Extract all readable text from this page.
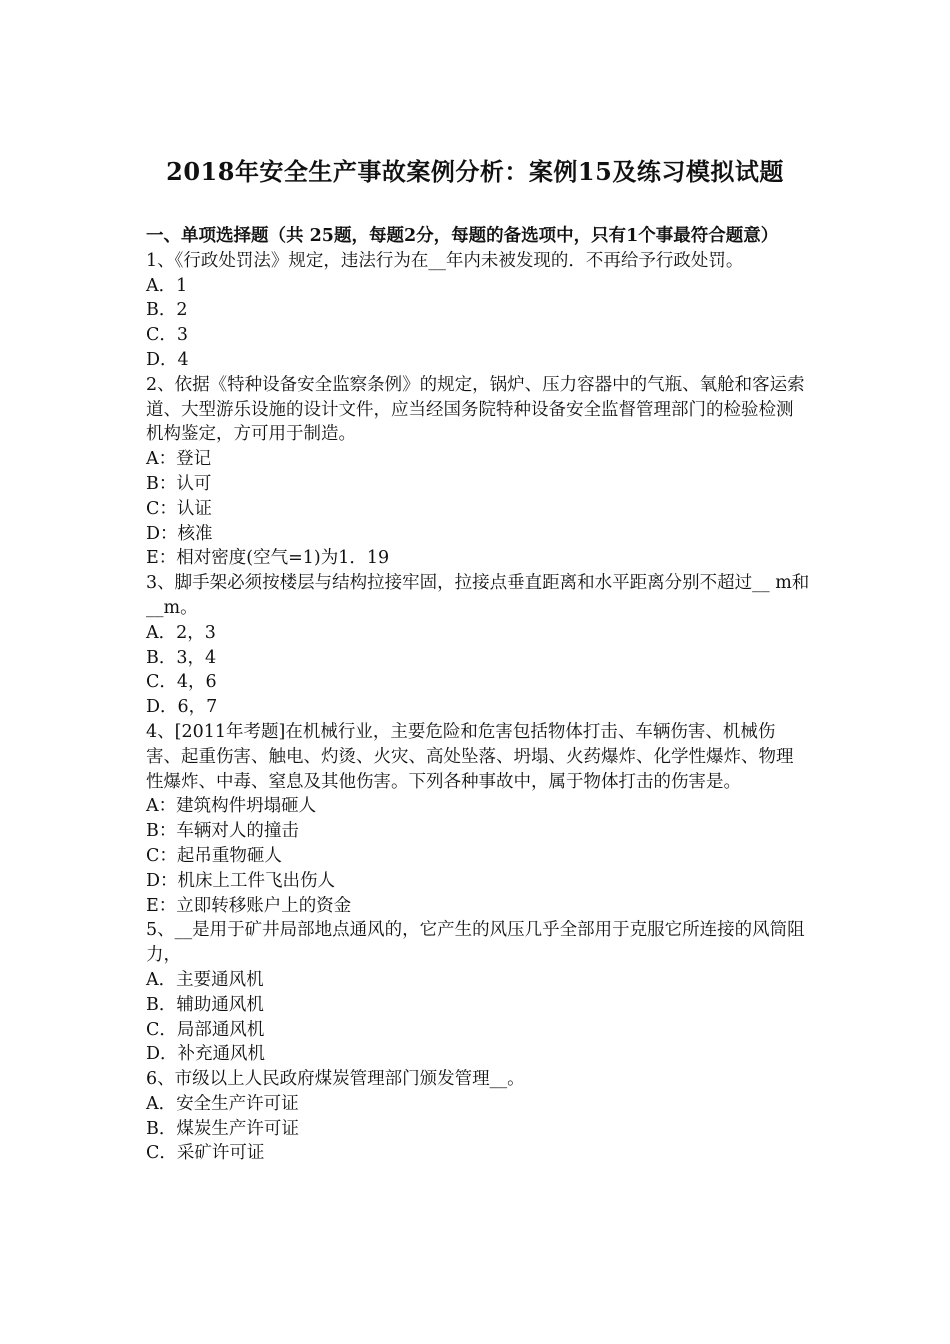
2018年安全生产事故案例分析：案例15及练习模拟试题

一、单项选择题（共 25题，每题2分，每题的备选项中，只有1个事最符合题意）

1、《行政处罚法》规定，违法行为在__年内未被发现的．不再给予行政处罚。

A．1

B．2

C．3

D．4

2、依据《特种设备安全监察条例》的规定，锅炉、压力容器中的气瓶、氧舱和客运索道、大型游乐设施的设计文件，应当经国务院特种设备安全监督管理部门的检验检测机构鉴定，方可用于制造。

A：登记

B：认可

C：认证

D：核准

E：相对密度(空气=1)为1．19

3、脚手架必须按楼层与结构拉接牢固，拉接点垂直距离和水平距离分别不超过__ m和__m。

A．2，3

B．3，4

C．4，6

D．6，7

4、[2011年考题]在机械行业，主要危险和危害包括物体打击、车辆伤害、机械伤害、起重伤害、触电、灼烫、火灾、高处坠落、坍塌、火药爆炸、化学性爆炸、物理性爆炸、中毒、窒息及其他伤害。下列各种事故中，属于物体打击的伤害是。

A：建筑构件坍塌砸人

B：车辆对人的撞击

C：起吊重物砸人

D：机床上工件飞出伤人

E：立即转移账户上的资金

5、__是用于矿井局部地点通风的，它产生的风压几乎全部用于克服它所连接的风筒阻力，

A．主要通风机

B．辅助通风机

C．局部通风机

D．补充通风机

6、市级以上人民政府煤炭管理部门颁发管理__。

A．安全生产许可证

B．煤炭生产许可证

C．采矿许可证
